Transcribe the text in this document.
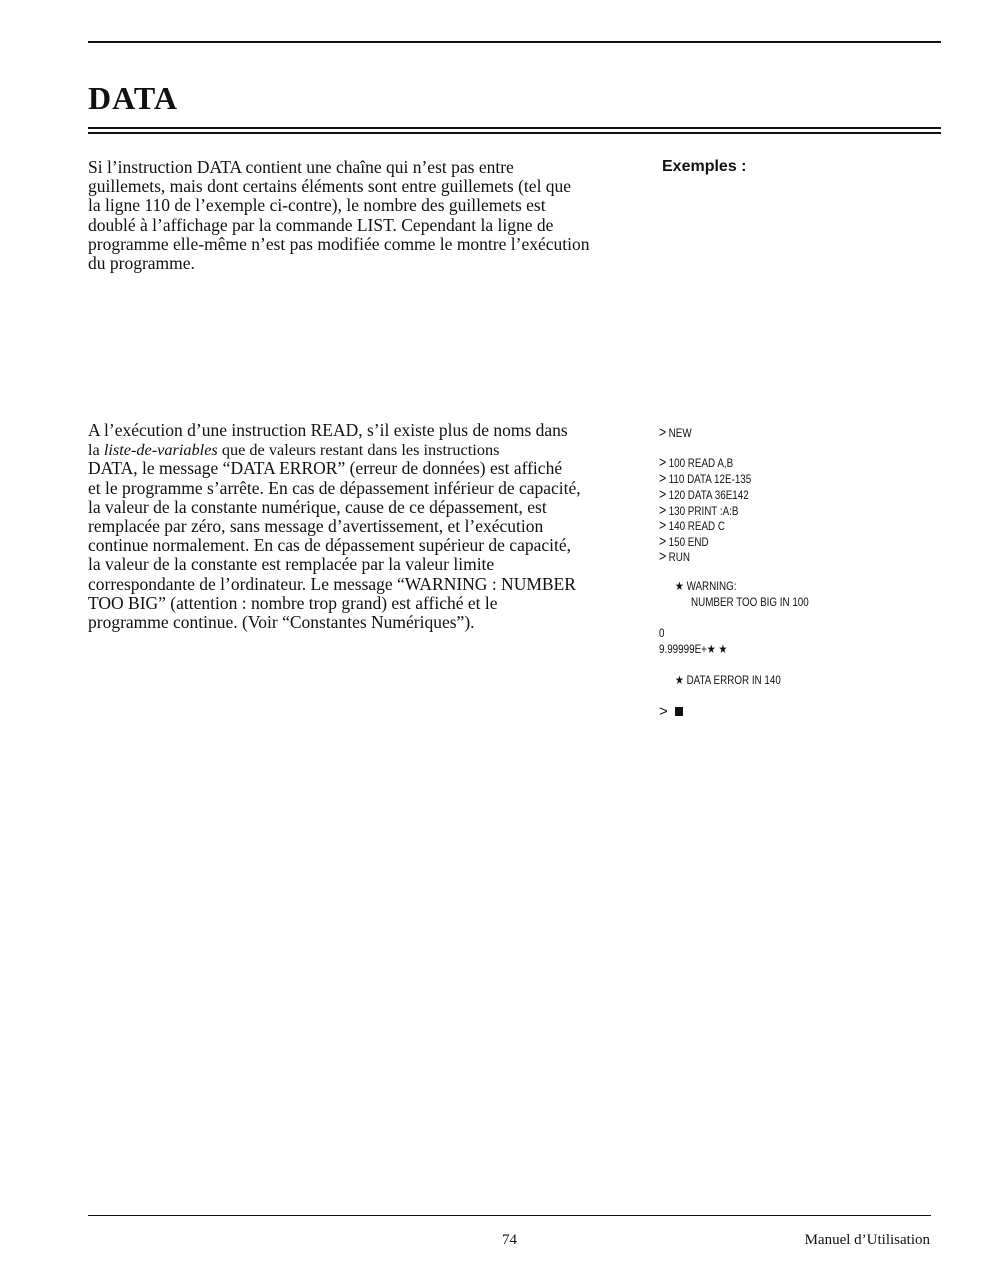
DATA

Si l’instruction DATA contient une chaîne qui n’est pas entre
guillemets, mais dont certains éléments sont entre guillemets (tel que
la ligne 110 de l’exemple ci-contre), le nombre des guillemets est
doublé à l’affichage par la commande LIST. Cependant la ligne de
programme elle-même n’est pas modifiée comme le montre l’exécution
du programme.

Exemples :

A l’exécution d’une instruction READ, s’il existe plus de noms dans
la liste-de-variables que de valeurs restant dans les instructions
DATA, le message “DATA ERROR” (erreur de données) est affiché
et le programme s’arrête. En cas de dépassement inférieur de capacité,
la valeur de la constante numérique, cause de ce dépassement, est
remplacée par zéro, sans message d’avertissement, et l’exécution
continue normalement. En cas de dépassement supérieur de capacité,
la valeur de la constante est remplacée par la valeur limite
correspondante de l’ordinateur. Le message “WARNING : NUMBER
TOO BIG” (attention : nombre trop grand) est affiché et le
programme continue. (Voir “Constantes Numériques”).

> NEW
> 100 READ A,B
> 110 DATA 12E-135
> 120 DATA 36E142
> 130 PRINT :A:B
> 140 READ C
> 150 END
> RUN
★ WARNING:
NUMBER TOO BIG IN 100
0
9.99999E+★ ★
★ DATA ERROR IN 140
>
74	Manuel d’Utilisation
